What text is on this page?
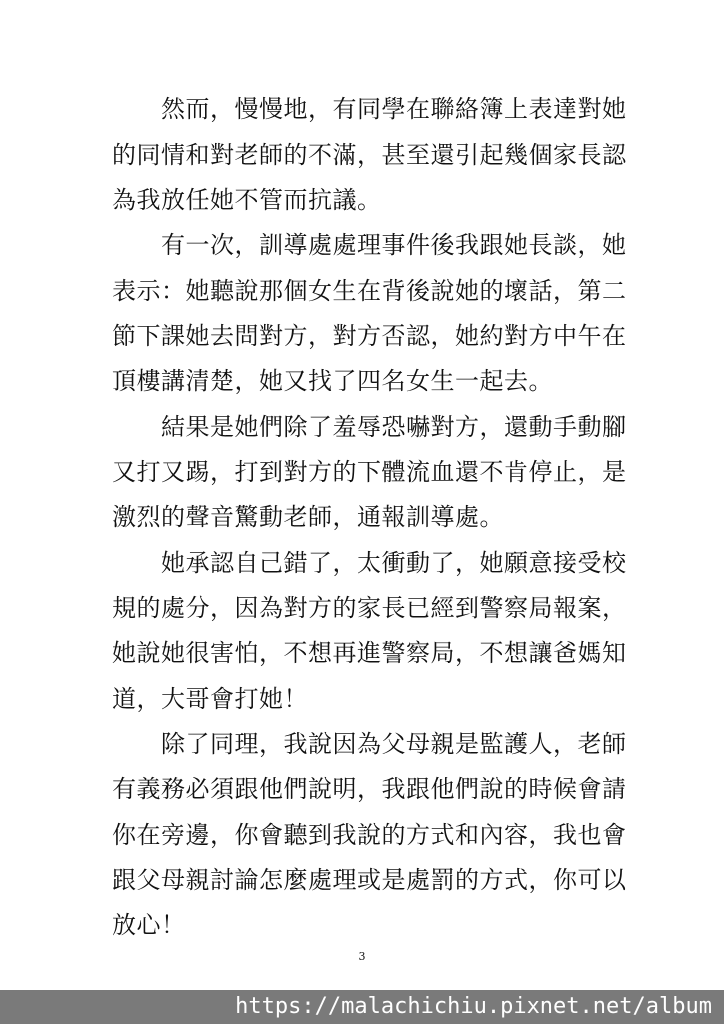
　　然而，慢慢地，有同學在聯絡簿上表達對她
的同情和對老師的不滿，甚至還引起幾個家長認
為我放任她不管而抗議。
　　有一次，訓導處處理事件後我跟她長談，她
表示：她聽說那個女生在背後說她的壞話，第二
節下課她去問對方，對方否認，她約對方中午在
頂樓講清楚，她又找了四名女生一起去。
　　結果是她們除了羞辱恐嚇對方，還動手動腳
又打又踢，打到對方的下體流血還不肯停止，是
激烈的聲音驚動老師，通報訓導處。
　　她承認自己錯了，太衝動了，她願意接受校
規的處分，因為對方的家長已經到警察局報案，
她說她很害怕，不想再進警察局，不想讓爸媽知
道，大哥會打她！
　　除了同理，我說因為父母親是監護人，老師
有義務必須跟他們說明，我跟他們說的時候會請
你在旁邊，你會聽到我說的方式和內容，我也會
跟父母親討論怎麼處理或是處罰的方式，你可以
放心！
3
https://malachichiu.pixnet.net/album
